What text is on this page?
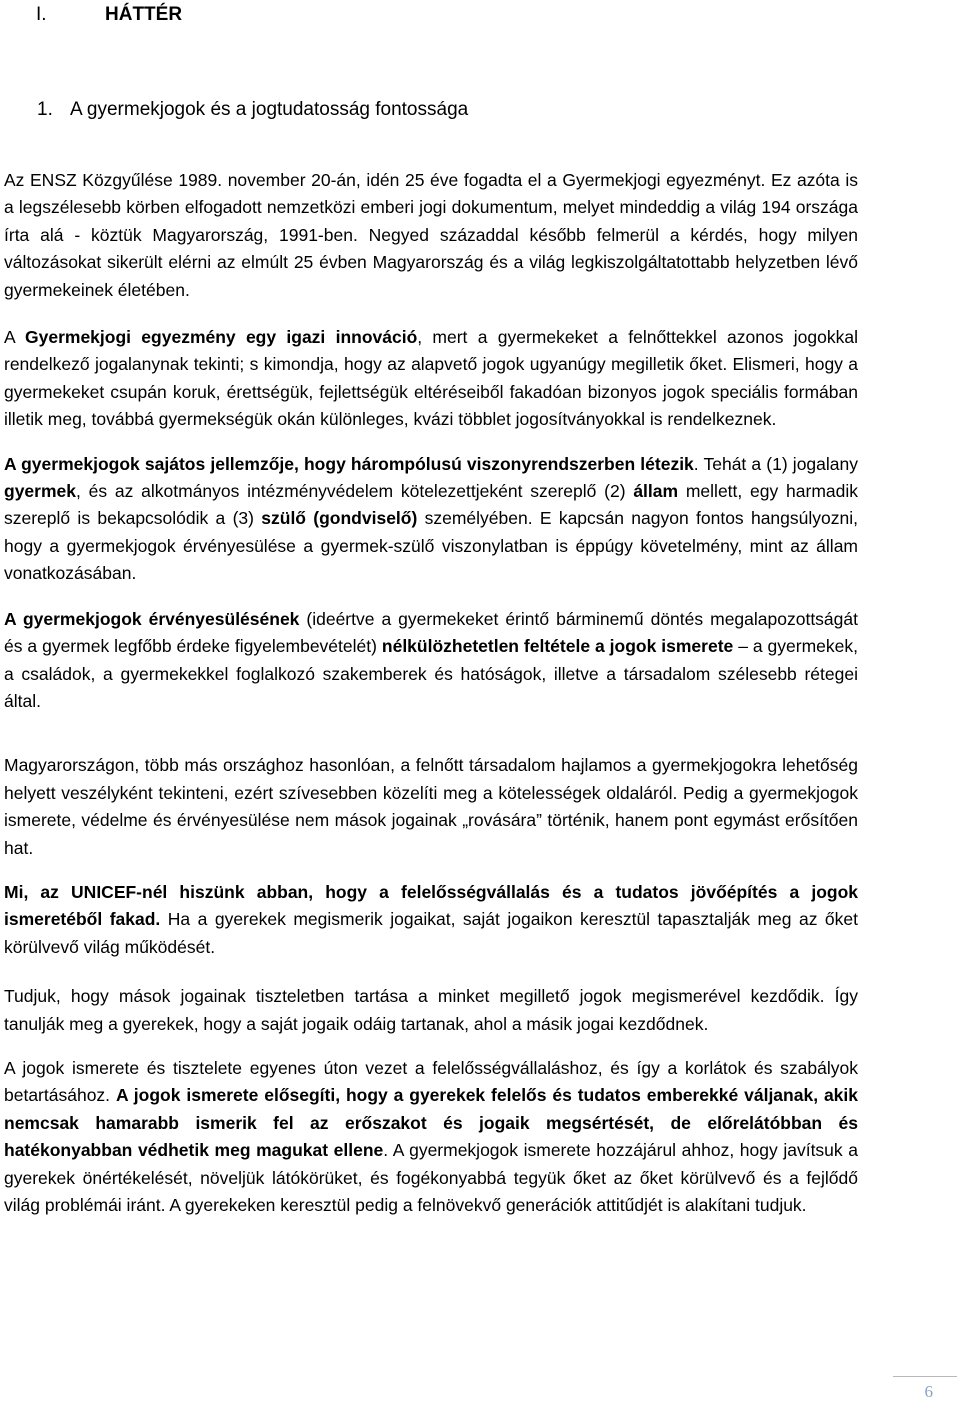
I.	HÁTTÉR
1. A gyermekjogok és a jogtudatosság fontossága

Az ENSZ Közgyűlése 1989. november 20-án, idén 25 éve fogadta el a Gyermekjogi egyezményt. Ez azóta is a legszélesebb körben elfogadott nemzetközi emberi jogi dokumentum, melyet mindeddig a világ 194 országa írta alá - köztük Magyarország, 1991-ben. Negyed századdal később felmerül a kérdés, hogy milyen változásokat sikerült elérni az elmúlt 25 évben Magyarország és a világ legkiszolgáltatottabb helyzetben lévő gyermekeinek életében.

A Gyermekjogi egyezmény egy igazi innováció, mert a gyermekeket a felnőttekkel azonos jogokkal rendelkező jogalanynak tekinti; s kimondja, hogy az alapvető jogok ugyanúgy megilletik őket. Elismeri, hogy a gyermekeket csupán koruk, érettségük, fejlettségük eltéréseiből fakadóan bizonyos jogok speciális formában illetik meg, továbbá gyermekségük okán különleges, kvázi többlet jogosítványokkal is rendelkeznek.

A gyermekjogok sajátos jellemzője, hogy hárompólusú viszonyrendszerben létezik. Tehát a (1) jogalany gyermek, és az alkotmányos intézményvédelem kötelezettjeként szereplő (2) állam mellett, egy harmadik szereplő is bekapcsolódik a (3) szülő (gondviselő) személyében. E kapcsán nagyon fontos hangsúlyozni, hogy a gyermekjogok érvényesülése a gyermek-szülő viszonylatban is éppúgy követelmény, mint az állam vonatkozásában.

A gyermekjogok érvényesülésének (ideértve a gyermekeket érintő bárminemű döntés megalapozottságát és a gyermek legfőbb érdeke figyelembevételét) nélkülözhetetlen feltétele a jogok ismerete – a gyermekek, a családok, a gyermekekkel foglalkozó szakemberek és hatóságok, illetve a társadalom szélesebb rétegei által.

Magyarországon, több más országhoz hasonlóan, a felnőtt társadalom hajlamos a gyermekjogokra lehetőség helyett veszélyként tekinteni, ezért szívesebben közelíti meg a kötelességek oldaláról. Pedig a gyermekjogok ismerete, védelme és érvényesülése nem mások jogainak „rovására” történik, hanem pont egymást erősítően hat.

Mi, az UNICEF-nél hiszünk abban, hogy a felelősségvállalás és a tudatos jövőépítés a jogok ismeretéből fakad. Ha a gyerekek megismerik jogaikat, saját jogaikon keresztül tapasztalják meg az őket körülvevő világ működését.

Tudjuk, hogy mások jogainak tiszteletben tartása a minket megillető jogok megismerével kezdődik. Így tanulják meg a gyerekek, hogy a saját jogaik odáig tartanak, ahol a másik jogai kezdődnek.

A jogok ismerete és tisztelete egyenes úton vezet a felelősségvállaláshoz, és így a korlátok és szabályok betartásához. A jogok ismerete elősegíti, hogy a gyerekek felelős és tudatos emberekké váljanak, akik nemcsak hamarabb ismerik fel az erőszakot és jogaik megsértését, de előrelátóbban és hatékonyabban védhetik meg magukat ellene. A gyermekjogok ismerete hozzájárul ahhoz, hogy javítsuk a gyerekek önértékelését, növeljük látókörüket, és fogékonyabbá tegyük őket az őket körülvevő és a fejlődő világ problémái iránt. A gyerekeken keresztül pedig a felnövekvő generációk attitűdjét is alakítani tudjuk.

6
